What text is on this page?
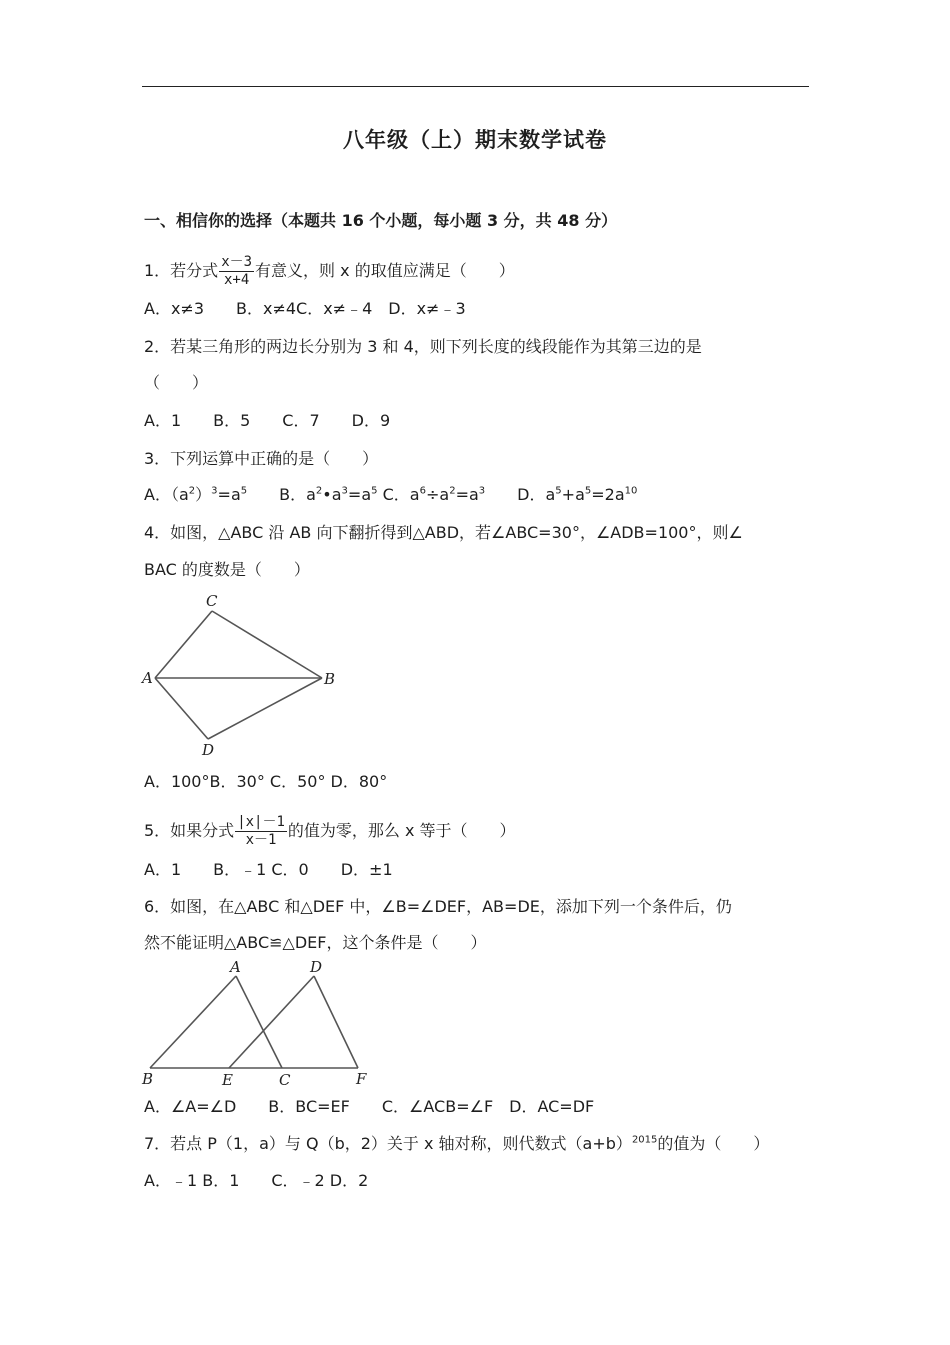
八年级（上）期末数学试卷
一、相信你的选择（本题共 16 个小题，每小题 3 分，共 48 分）
1．若分式 $\frac{x-3}{x+4}$ 有意义，则 x 的取值应满足（　　）
A．x≠3　　B．x≠4C．x≠﹣4　D．x≠﹣3
2．若某三角形的两边长分别为 3 和 4，则下列长度的线段能作为其第三边的是
（　　）
A．1　　B．5　　C．7　　D．9
3．下列运算中正确的是（　　）
A．$(a^2)^3=a^5$　　B．$a^2•a^3=a^5$ C．$a^6\div a^2=a^3$　　D．$a^5+a^5=2a^{10}$
4．如图，△ABC 沿 AB 向下翻折得到△ABD，若∠ABC=30°，∠ADB=100°，则∠
BAC 的度数是（　　）
C
A	B
D
A．100°B．30° C．50° D．80°
5．如果分式 $\frac{|x|-1}{x-1}$ 的值为零，那么 x 等于（　　）
A．1　　B．﹣1 C．0　　D．±1
6．如图，在△ABC 和△DEF 中，∠B=∠DEF，AB=DE，添加下列一个条件后，仍
然不能证明△ABC≌△DEF，这个条件是（　　）
A	D
B	E	C	F
A．∠A=∠D　　B．BC=EF　　C．∠ACB=∠F　D．AC=DF
7．若点 P（1，a）与 Q（b，2）关于 x 轴对称，则代数式$(a+b)^{2015}$的值为（　　）
A．﹣1 B．1　　C．﹣2 D．2
